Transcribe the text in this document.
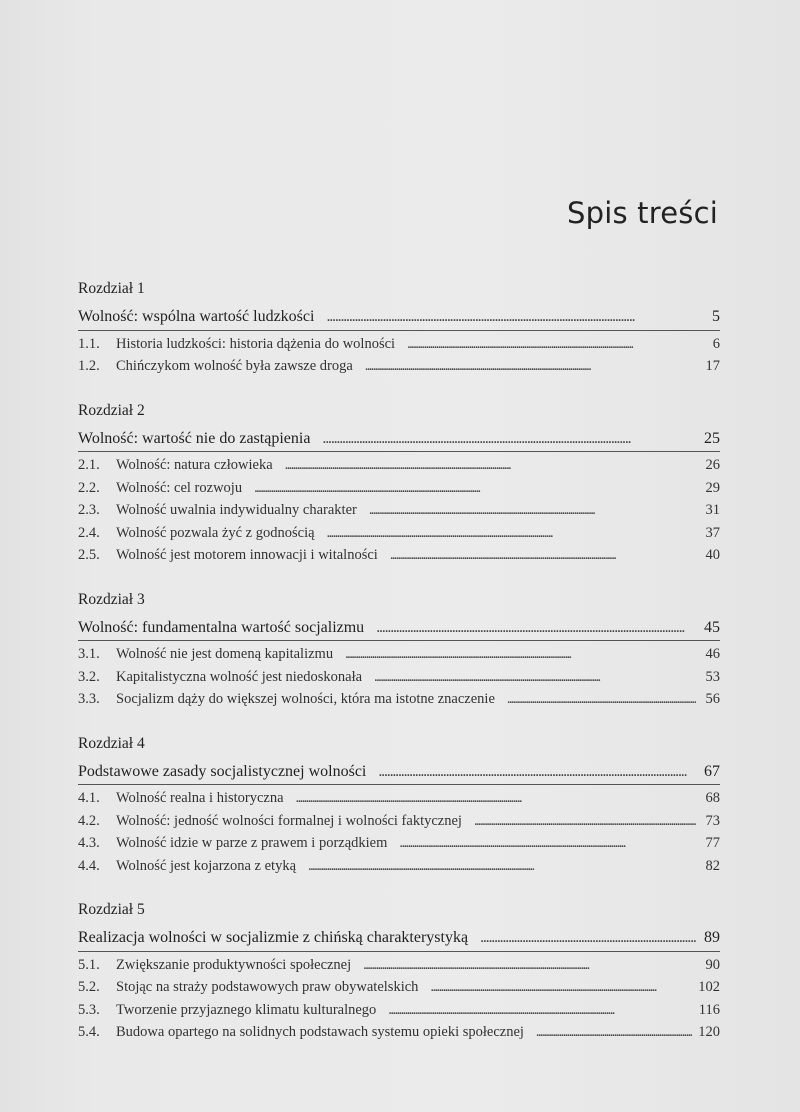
Spis treści
Rozdział 1
Wolność: wspólna wartość ludzkości . . .	5
1.1.	Historia ludzkości: historia dążenia do wolności . . .	6
1.2.	Chińczykom wolność była zawsze droga . . .	17
Rozdział 2
Wolność: wartość nie do zastąpienia . . .	25
2.1.	Wolność: natura człowieka . . .	26
2.2.	Wolność: cel rozwoju . . .	29
2.3.	Wolność uwalnia indywidualny charakter . . .	31
2.4.	Wolność pozwala żyć z godnością . . .	37
2.5.	Wolność jest motorem innowacji i witalności . . .	40
Rozdział 3
Wolność: fundamentalna wartość socjalizmu . . .	45
3.1.	Wolność nie jest domeną kapitalizmu . . .	46
3.2.	Kapitalistyczna wolność jest niedoskonała . . .	53
3.3.	Socjalizm dąży do większej wolności, która ma istotne znaczenie . . .	56
Rozdział 4
Podstawowe zasady socjalistycznej wolności . . .	67
4.1.	Wolność realna i historyczna . . .	68
4.2.	Wolność: jedność wolności formalnej i wolności faktycznej . . .	73
4.3.	Wolność idzie w parze z prawem i porządkiem . . .	77
4.4.	Wolność jest kojarzona z etyką . . .	82
Rozdział 5
Realizacja wolności w socjalizmie z chińską charakterystyką . . .	89
5.1.	Zwiększanie produktywności społecznej . . .	90
5.2.	Stojąc na straży podstawowych praw obywatelskich . . .	102
5.3.	Tworzenie przyjaznego klimatu kulturalnego . . .	116
5.4.	Budowa opartego na solidnych podstawach systemu opieki społecznej . . .	120
